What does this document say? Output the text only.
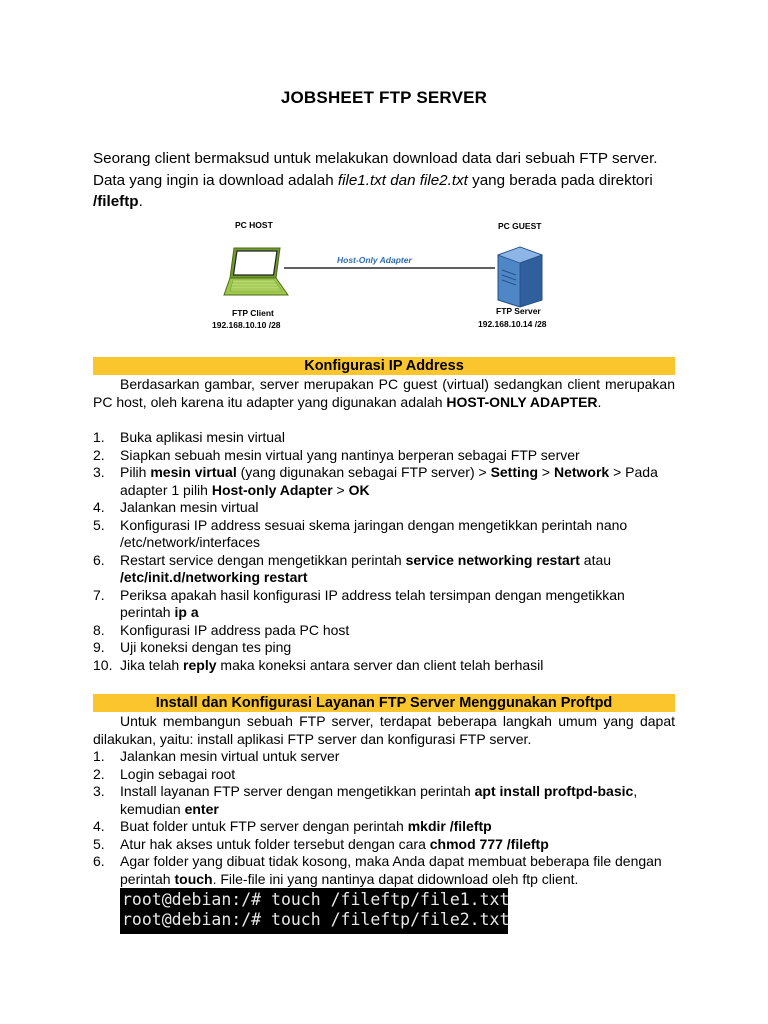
JOBSHEET FTP SERVER

Seorang client bermaksud untuk melakukan download data dari sebuah FTP server. Data yang ingin ia download adalah file1.txt dan file2.txt yang berada pada direktori /fileftp.

PC HOST	PC GUEST
Host-Only Adapter
FTP Client
192.168.10.10 /28
FTP Server
192.168.10.14 /28
Konfigurasi IP Address

Berdasarkan gambar, server merupakan PC guest (virtual) sedangkan client merupakan PC host, oleh karena itu adapter yang digunakan adalah HOST-ONLY ADAPTER.

1. Buka aplikasi mesin virtual
2. Siapkan sebuah mesin virtual yang nantinya berperan sebagai FTP server
3. Pilih mesin virtual (yang digunakan sebagai FTP server) > Setting > Network > Pada adapter 1 pilih Host-only Adapter > OK
4. Jalankan mesin virtual
5. Konfigurasi IP address sesuai skema jaringan dengan mengetikkan perintah nano /etc/network/interfaces
6. Restart service dengan mengetikkan perintah service networking restart atau
/etc/init.d/networking restart
7. Periksa apakah hasil konfigurasi IP address telah tersimpan dengan mengetikkan perintah ip a
8. Konfigurasi IP address pada PC host
9. Uji koneksi dengan tes ping
10. Jika telah reply maka koneksi antara server dan client telah berhasil
Install dan Konfigurasi Layanan FTP Server Menggunakan Proftpd

Untuk membangun sebuah FTP server, terdapat beberapa langkah umum yang dapat dilakukan, yaitu: install aplikasi FTP server dan konfigurasi FTP server.

1. Jalankan mesin virtual untuk server
2. Login sebagai root
3. Install layanan FTP server dengan mengetikkan perintah apt install proftpd-basic, kemudian enter
4. Buat folder untuk FTP server dengan perintah mkdir /fileftp
5. Atur hak akses untuk folder tersebut dengan cara chmod 777 /fileftp
6. Agar folder yang dibuat tidak kosong, maka Anda dapat membuat beberapa file dengan perintah touch. File-file ini yang nantinya dapat didownload oleh ftp client.
root@debian:/# touch /fileftp/file1.txt
root@debian:/# touch /fileftp/file2.txt
